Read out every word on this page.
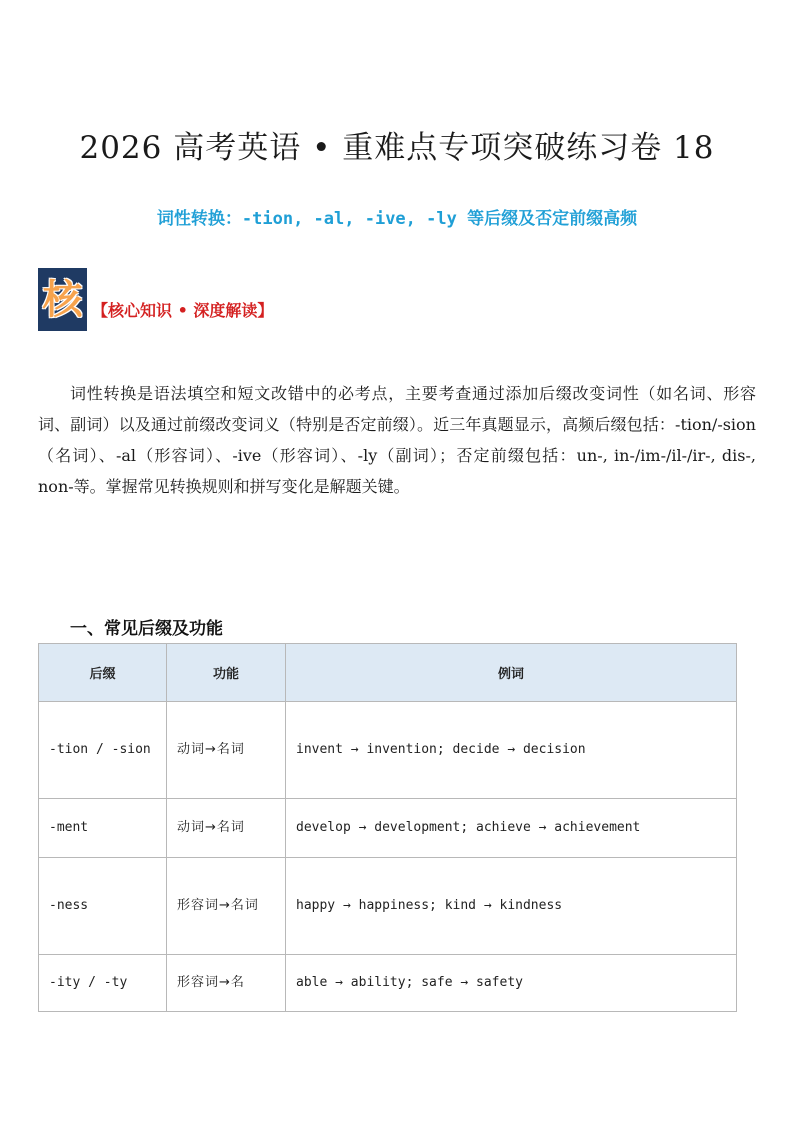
2026 高考英语 • 重难点专项突破练习卷 18
词性转换：-tion, -al, -ive, -ly 等后缀及否定前缀高频
核 【核心知识 • 深度解读】

词性转换是语法填空和短文改错中的必考点，主要考查通过添加后缀改变词性（如名词、形容词、副词）以及通过前缀改变词义（特别是否定前缀）。近三年真题显示，高频后缀包括：-tion/-sion（名词）、-al（形容词）、-ive（形容词）、-ly（副词）；否定前缀包括：un-, in-/im-/il-/ir-, dis-, non-等。掌握常见转换规则和拼写变化是解题关键。

一、常见后缀及功能
后缀	功能	例词
-tion / -sion	动词→名词	invent → invention; decide → decision
-ment	动词→名词	develop → development; achieve → achievement
-ness	形容词→名词	happy → happiness; kind → kindness
-ity / -ty	形容词→名	able → ability; safe → safety
